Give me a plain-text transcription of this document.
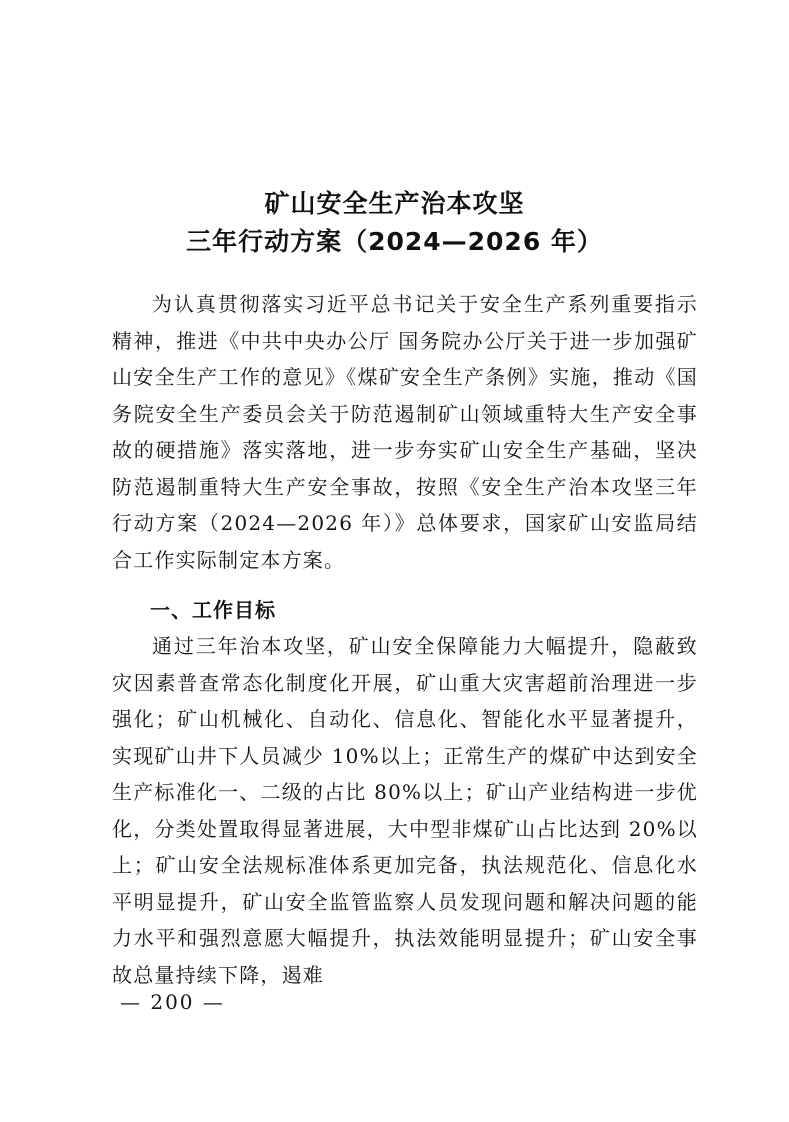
矿山安全生产治本攻坚
三年行动方案（2024—2026 年）
为认真贯彻落实习近平总书记关于安全生产系列重要指示精神，推进《中共中央办公厅 国务院办公厅关于进一步加强矿山安全生产工作的意见》《煤矿安全生产条例》实施，推动《国务院安全生产委员会关于防范遏制矿山领域重特大生产安全事故的硬措施》落实落地，进一步夯实矿山安全生产基础，坚决防范遏制重特大生产安全事故，按照《安全生产治本攻坚三年行动方案（2024—2026 年）》总体要求，国家矿山安监局结合工作实际制定本方案。
一、工作目标
通过三年治本攻坚，矿山安全保障能力大幅提升，隐蔽致灾因素普查常态化制度化开展，矿山重大灾害超前治理进一步强化；矿山机械化、自动化、信息化、智能化水平显著提升，实现矿山井下人员减少 10%以上；正常生产的煤矿中达到安全生产标准化一、二级的占比 80%以上；矿山产业结构进一步优化，分类处置取得显著进展，大中型非煤矿山占比达到 20%以上；矿山安全法规标准体系更加完备，执法规范化、信息化水平明显提升，矿山安全监管监察人员发现问题和解决问题的能力水平和强烈意愿大幅提升，执法效能明显提升；矿山安全事故总量持续下降，遏难
— 200 —
